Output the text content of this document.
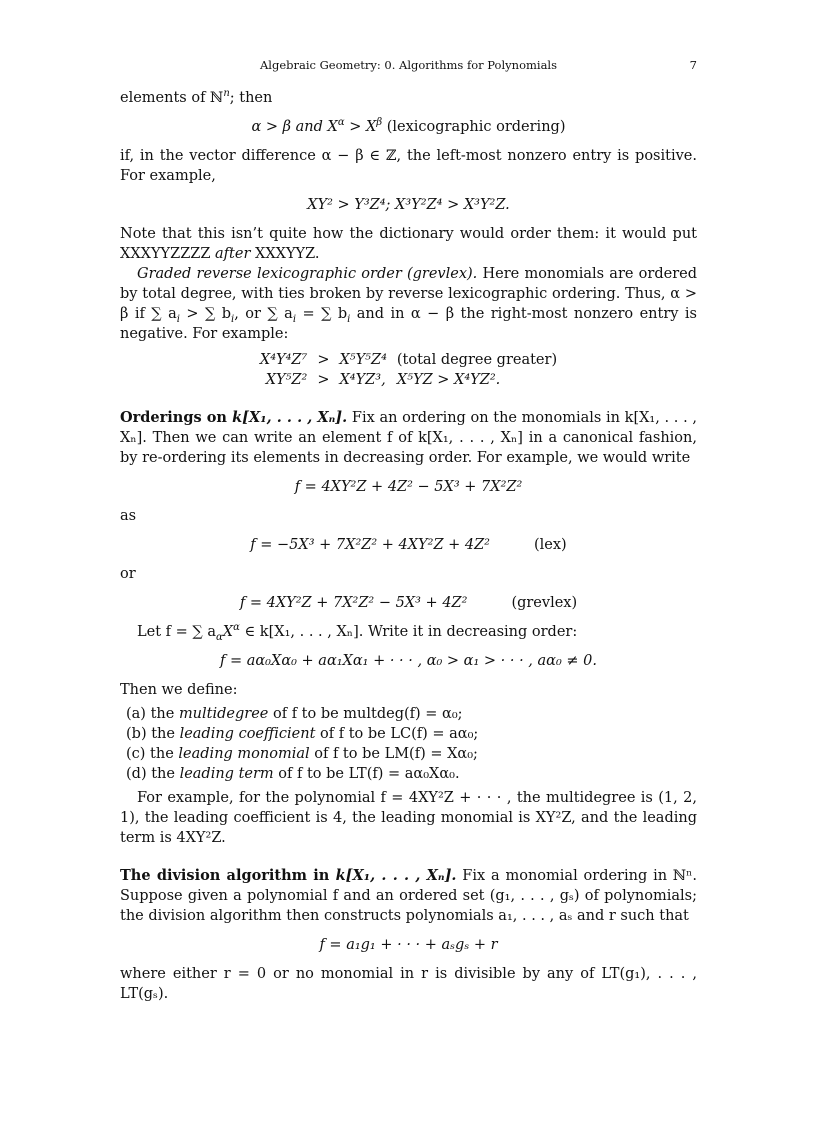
Algebraic Geometry: 0. Algorithms for Polynomials	7

elements of ℕ$^n$; then

α > β and $X^\alpha > X^\beta$ (lexicographic ordering)

if, in the vector difference α − β ∈ ℤ, the left-most nonzero entry is positive. For example,

XY² > Y³Z⁴; X³Y²Z⁴ > X³Y²Z.

Note that this isn’t quite how the dictionary would order them: it would put XXXYYZZZZ after XXXYYZ.

Graded reverse lexicographic order (grevlex). Here monomials are ordered by total degree, with ties broken by reverse lexicographic ordering. Thus, α > β if ∑ $a_i$ > ∑ $b_i$, or ∑ $a_i$ = ∑ $b_i$ and in α − β the right-most nonzero entry is negative. For example:

X⁴Y⁴Z⁷	>	X⁵Y⁵Z⁴	(total degree greater)
XY⁵Z²	>	X⁴YZ³,	X⁵YZ > X⁴YZ².

Orderings on k[X₁, . . . , Xₙ]. Fix an ordering on the monomials in k[X₁, . . . , Xₙ]. Then we can write an element f of k[X₁, . . . , Xₙ] in a canonical fashion, by re-ordering its elements in decreasing order. For example, we would write

f = 4XY²Z + 4Z² − 5X³ + 7X²Z²

as

f = −5X³ + 7X²Z² + 4XY²Z + 4Z²	(lex)

or

f = 4XY²Z + 7X²Z² − 5X³ + 4Z²	(grevlex)

Let f = ∑ $a_\alpha X^\alpha$ ∈ k[X₁, . . . , Xₙ]. Write it in decreasing order:

f = aα₀Xα₀ + aα₁Xα₁ + · · · , α₀ > α₁ > · · · , aα₀ ≠ 0.

Then we define:

(a) the multidegree of f to be multdeg(f) = α₀;
(b) the leading coefficient of f to be LC(f) = aα₀;
(c) the leading monomial of f to be LM(f) = Xα₀;
(d) the leading term of f to be LT(f) = aα₀Xα₀.

For example, for the polynomial f = 4XY²Z + · · · , the multidegree is (1, 2, 1), the leading coefficient is 4, the leading monomial is XY²Z, and the leading term is 4XY²Z.

The division algorithm in k[X₁, . . . , Xₙ]. Fix a monomial ordering in ℕⁿ. Suppose given a polynomial f and an ordered set (g₁, . . . , gₛ) of polynomials; the division algorithm then constructs polynomials a₁, . . . , aₛ and r such that

f = a₁g₁ + · · · + aₛgₛ + r

where either r = 0 or no monomial in r is divisible by any of LT(g₁), . . . , LT(gₛ).
